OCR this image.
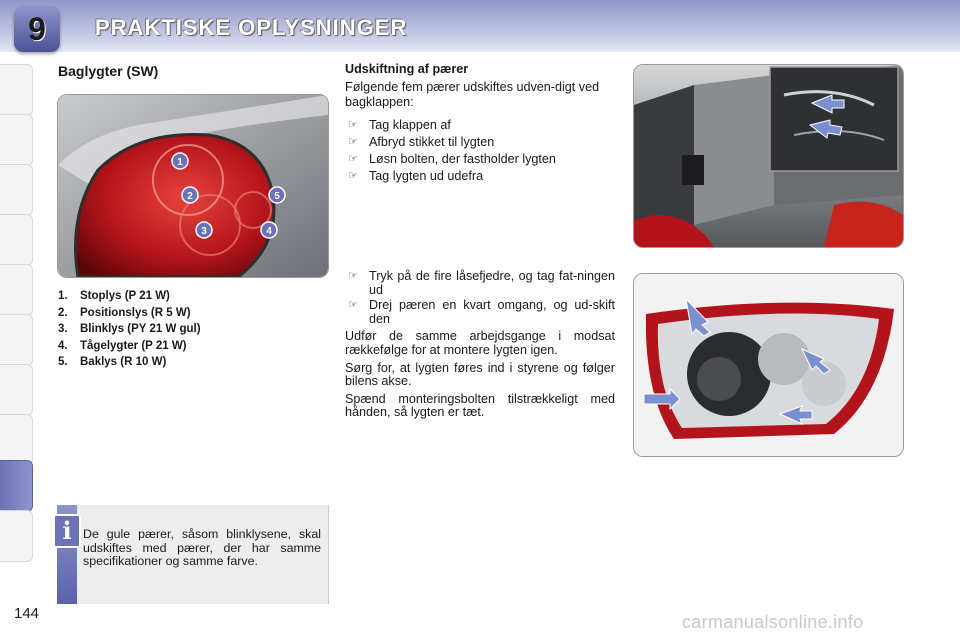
9 PRAKTISKE OPLYSNINGER
Baglygter (SW)
1
2
3	4
5
1. Stoplys (P 21 W)
2. Positionslys (R 5 W)
3. Blinklys (PY 21 W gul)
4. Tågelygter (P 21 W)
5. Baklys (R 10 W)

Udskiftning af pærer

Følgende fem pærer udskiftes udven-digt ved bagklappen:

☞ Tag klappen af
☞ Afbryd stikket til lygten
☞ Løsn bolten, der fastholder lygten
☞ Tag lygten ud udefra
☞ Tryk på de fire låsefjedre, og tag fat-ningen ud
☞ Drej pæren en kvart omgang, og ud-skift den

Udfør de samme arbejdsgange i modsat rækkefølge for at montere lygten igen.

Sørg for, at lygten føres ind i styrene og følger bilens akse.

Spænd monteringsbolten tilstrækkeligt med hånden, så lygten er tæt.

i De gule pærer, såsom blinklysene, skal udskiftes med pærer, der har samme specifikationer og samme farve.
144	carmanualsonline.info
